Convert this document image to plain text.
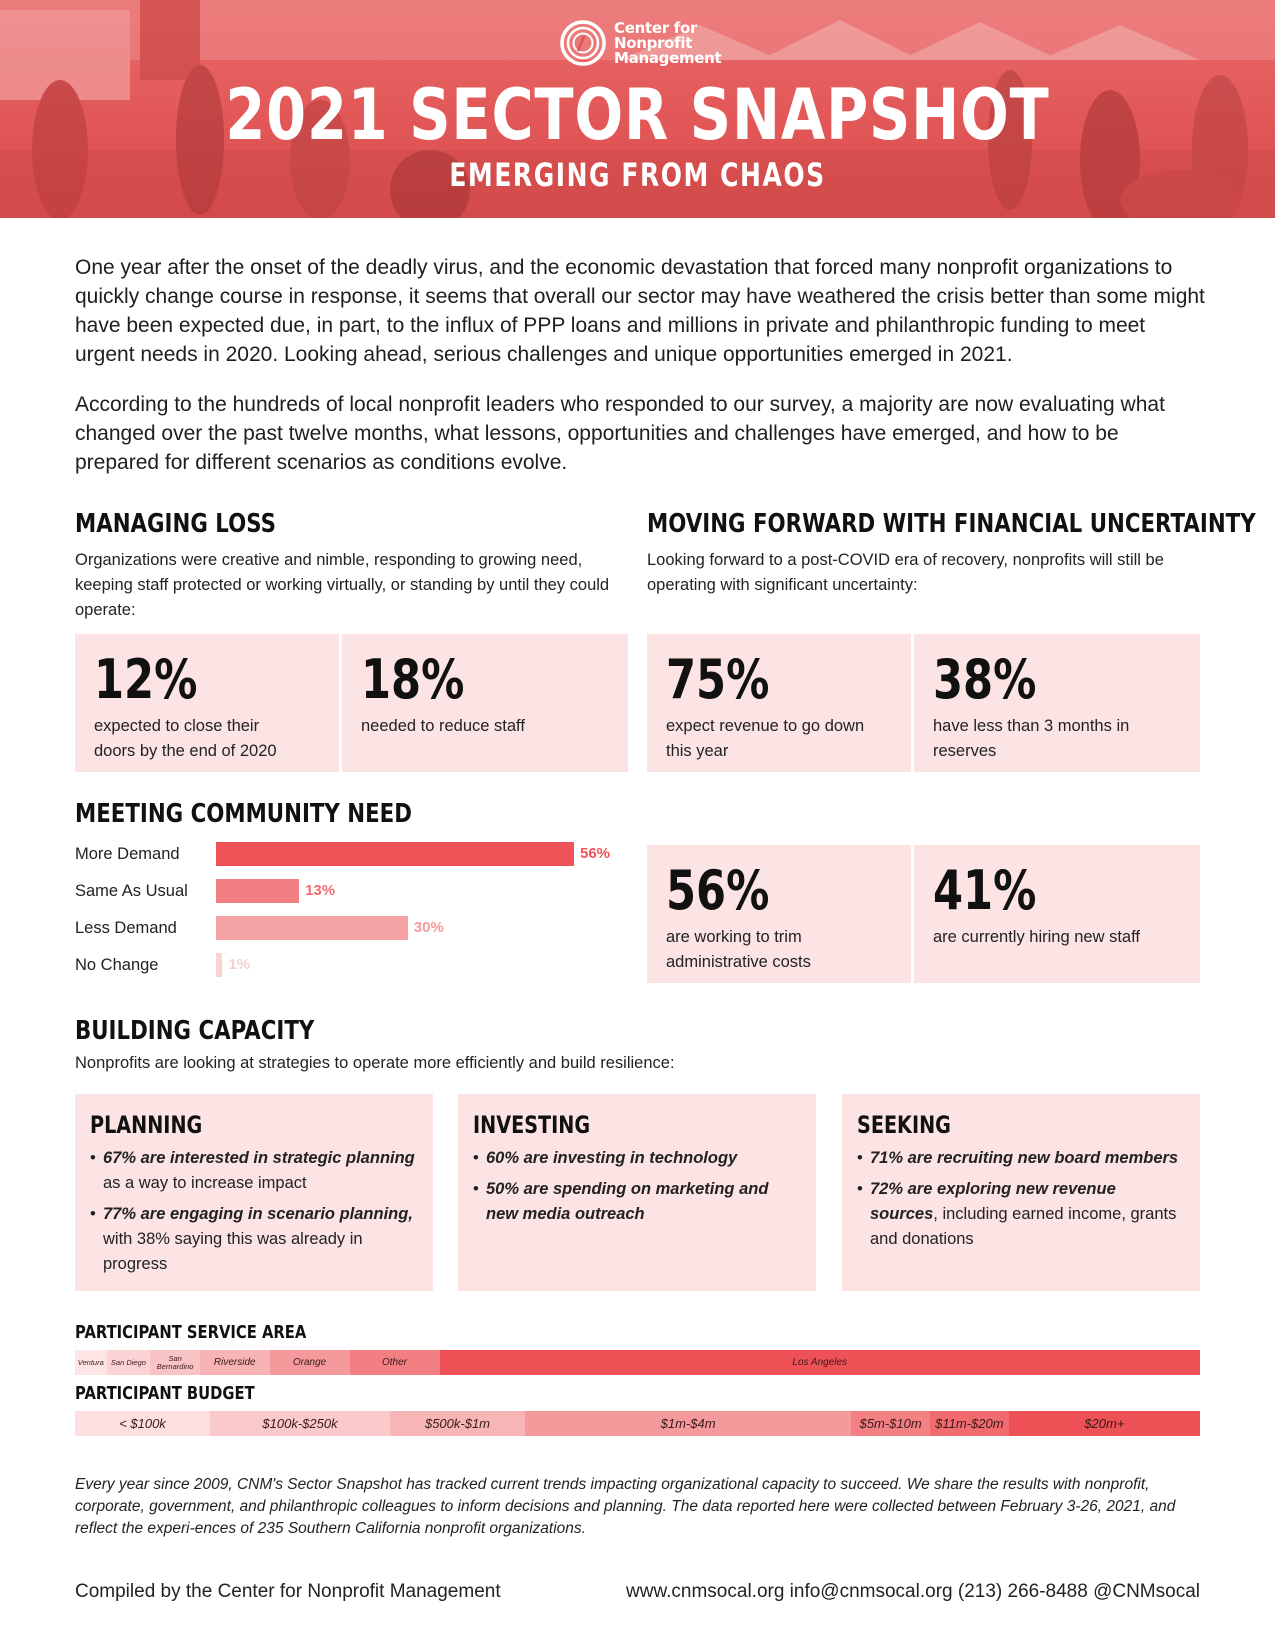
Center for
Nonprofit
Management
2021 SECTOR SNAPSHOT
EMERGING FROM CHAOS

One year after the onset of the deadly virus, and the economic devastation that forced many nonprofit organizations to quickly change course in response, it seems that overall our sector may have weathered the crisis better than some might have been expected due, in part, to the influx of PPP loans and millions in private and philanthropic funding to meet urgent needs in 2020. Looking ahead, serious challenges and unique opportunities emerged in 2021.

According to the hundreds of local nonprofit leaders who responded to our survey, a majority are now evaluating what changed over the past twelve months, what lessons, opportunities and challenges have emerged, and how to be prepared for different scenarios as conditions evolve.

MANAGING LOSS

Organizations were creative and nimble, responding to growing need, keeping staff protected or working virtually, or standing by until they could operate:

12%
expected to close their doors by the end of 2020
18%
needed to reduce staff
MOVING FORWARD WITH FINANCIAL UNCERTAINTY

Looking forward to a post-COVID era of recovery, nonprofits will still be operating with significant uncertainty:

75%
expect revenue to go down this year
38%
have less than 3 months in reserves
56%
are working to trim administrative costs
41%
are currently hiring new staff
MEETING COMMUNITY NEED
More Demand	56%
Same As Usual	13%
Less Demand	30%
No Change	1%
BUILDING CAPACITY

Nonprofits are looking at strategies to operate more efficiently and build resilience:

PLANNING
• 67% are interested in strategic planning as a way to increase impact
• 77% are engaging in scenario planning, with 38% saying this was already in progress
INVESTING
• 60% are investing in technology
• 50% are spending on marketing and new media outreach
SEEKING
• 71% are recruiting new board members
• 72% are exploring new revenue sources, including earned income, grants and donations
PARTICIPANT SERVICE AREA
Ventura San Diego	San Bernardino	Riverside	Orange	Other	Los Angeles
PARTICIPANT BUDGET
< $100k	$100k-$250k	$500k-$1m	$1m-$4m	$5m-$10m $11m-$20m	$20m+

Every year since 2009, CNM's Sector Snapshot has tracked current trends impacting organizational capacity to succeed. We share the results with nonprofit, corporate, government, and philanthropic colleagues to inform decisions and planning. The data reported here were collected between February 3-26, 2021, and reflect the experi-ences of 235 Southern California nonprofit organizations.

Compiled by the Center for Nonprofit Management	www.cnmsocal.org info@cnmsocal.org (213) 266-8488 @CNMsocal
